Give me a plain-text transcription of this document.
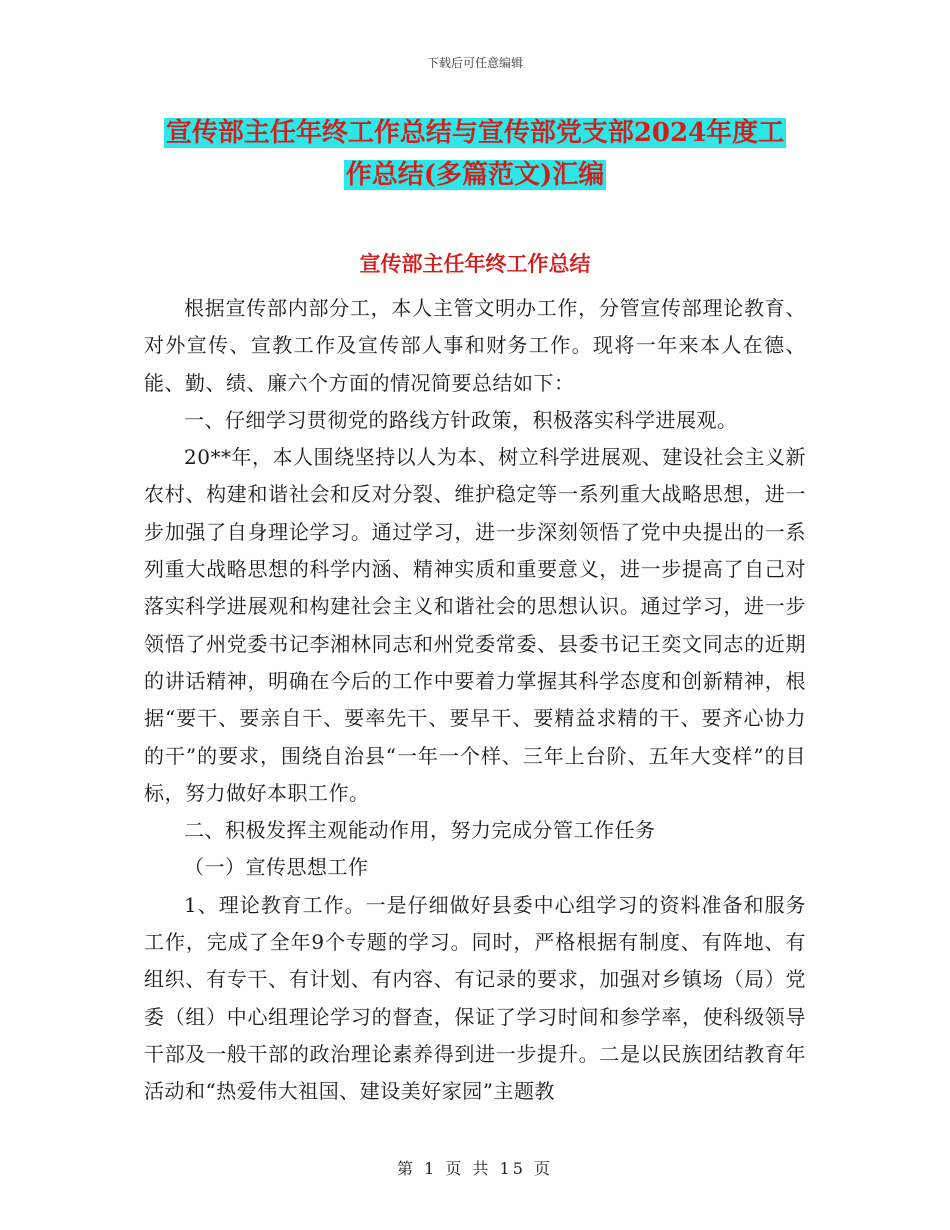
下载后可任意编辑
宣传部主任年终工作总结与宣传部党支部2024年度工
作总结(多篇范文)汇编
宣传部主任年终工作总结

根据宣传部内部分工，本人主管文明办工作，分管宣传部理论教育、对外宣传、宣教工作及宣传部人事和财务工作。现将一年来本人在德、能、勤、绩、廉六个方面的情况简要总结如下：

一、仔细学习贯彻党的路线方针政策，积极落实科学进展观。

20**年，本人围绕坚持以人为本、树立科学进展观、建设社会主义新农村、构建和谐社会和反对分裂、维护稳定等一系列重大战略思想，进一步加强了自身理论学习。通过学习，进一步深刻领悟了党中央提出的一系列重大战略思想的科学内涵、精神实质和重要意义，进一步提高了自己对落实科学进展观和构建社会主义和谐社会的思想认识。通过学习，进一步领悟了州党委书记李湘林同志和州党委常委、县委书记王奕文同志的近期的讲话精神，明确在今后的工作中要着力掌握其科学态度和创新精神，根据“要干、要亲自干、要率先干、要早干、要精益求精的干、要齐心协力的干”的要求，围绕自治县“一年一个样、三年上台阶、五年大变样”的目标，努力做好本职工作。

二、积极发挥主观能动作用，努力完成分管工作任务

（一）宣传思想工作

1、理论教育工作。一是仔细做好县委中心组学习的资料准备和服务工作，完成了全年9个专题的学习。同时，严格根据有制度、有阵地、有组织、有专干、有计划、有内容、有记录的要求，加强对乡镇场（局）党委（组）中心组理论学习的督查，保证了学习时间和参学率，使科级领导干部及一般干部的政治理论素养得到进一步提升。二是以民族团结教育年活动和“热爱伟大祖国、建设美好家园”主题教

第 1 页 共 15 页
